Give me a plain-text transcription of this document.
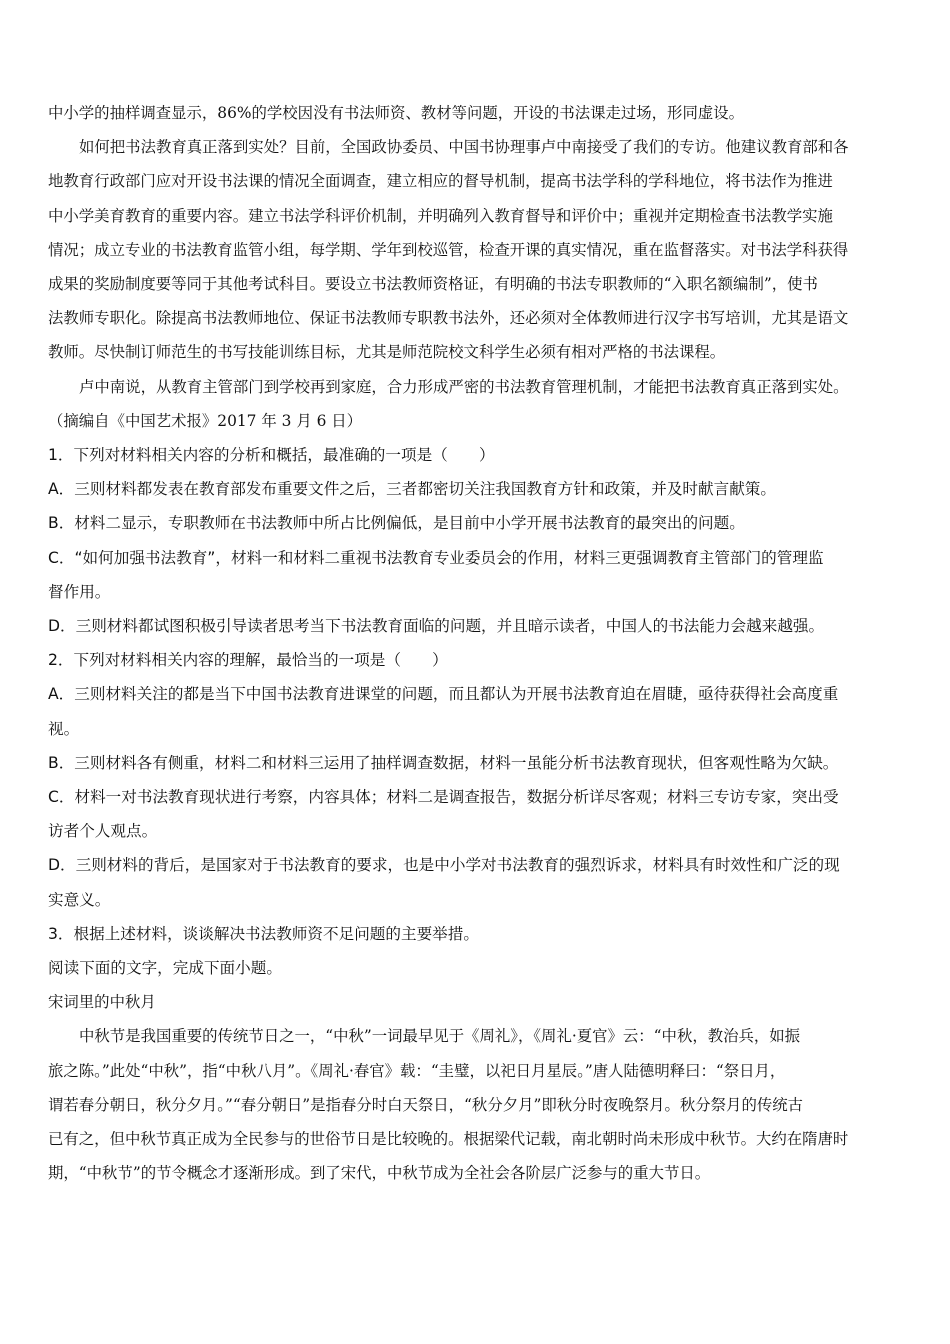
中小学的抽样调查显示，86%的学校因没有书法师资、教材等问题，开设的书法课走过场，形同虚设。
如何把书法教育真正落到实处？目前，全国政协委员、中国书协理事卢中南接受了我们的专访。他建议教育部和各
地教育行政部门应对开设书法课的情况全面调查，建立相应的督导机制，提高书法学科的学科地位，将书法作为推进
中小学美育教育的重要内容。建立书法学科评价机制，并明确列入教育督导和评价中；重视并定期检查书法教学实施
情况；成立专业的书法教育监管小组，每学期、学年到校巡管，检查开课的真实情况，重在监督落实。对书法学科获得
成果的奖励制度要等同于其他考试科目。要设立书法教师资格证，有明确的书法专职教师的“入职名额编制”，使书
法教师专职化。除提高书法教师地位、保证书法教师专职教书法外，还必须对全体教师进行汉字书写培训，尤其是语文
教师。尽快制订师范生的书写技能训练目标，尤其是师范院校文科学生必须有相对严格的书法课程。
卢中南说，从教育主管部门到学校再到家庭，合力形成严密的书法教育管理机制，才能把书法教育真正落到实处。
（摘编自《中国艺术报》2017 年 3 月 6 日）
1．下列对材料相关内容的分析和概括，最准确的一项是（　　）
A．三则材料都发表在教育部发布重要文件之后，三者都密切关注我国教育方针和政策，并及时献言献策。
B．材料二显示，专职教师在书法教师中所占比例偏低，是目前中小学开展书法教育的最突出的问题。
C．“如何加强书法教育”，材料一和材料二重视书法教育专业委员会的作用，材料三更强调教育主管部门的管理监
督作用。
D．三则材料都试图积极引导读者思考当下书法教育面临的问题，并且暗示读者，中国人的书法能力会越来越强。
2．下列对材料相关内容的理解，最恰当的一项是（　　）
A．三则材料关注的都是当下中国书法教育进课堂的问题，而且都认为开展书法教育迫在眉睫，亟待获得社会高度重
视。
B．三则材料各有侧重，材料二和材料三运用了抽样调查数据，材料一虽能分析书法教育现状，但客观性略为欠缺。
C．材料一对书法教育现状进行考察，内容具体；材料二是调查报告，数据分析详尽客观；材料三专访专家，突出受
访者个人观点。
D．三则材料的背后，是国家对于书法教育的要求，也是中小学对书法教育的强烈诉求，材料具有时效性和广泛的现
实意义。
3．根据上述材料，谈谈解决书法教师资不足问题的主要举措。
阅读下面的文字，完成下面小题。
宋词里的中秋月
中秋节是我国重要的传统节日之一，“中秋”一词最早见于《周礼》，《周礼·夏官》云：“中秋，教治兵，如振
旅之陈。”此处“中秋”，指“中秋八月”。《周礼·春官》载：“圭璧，以祀日月星辰。”唐人陆德明释曰：“祭日月，
谓若春分朝日，秋分夕月。”“春分朝日”是指春分时白天祭日，“秋分夕月”即秋分时夜晚祭月。秋分祭月的传统古
已有之，但中秋节真正成为全民参与的世俗节日是比较晚的。根据梁代记载，南北朝时尚未形成中秋节。大约在隋唐时
期，“中秋节”的节令概念才逐渐形成。到了宋代，中秋节成为全社会各阶层广泛参与的重大节日。
